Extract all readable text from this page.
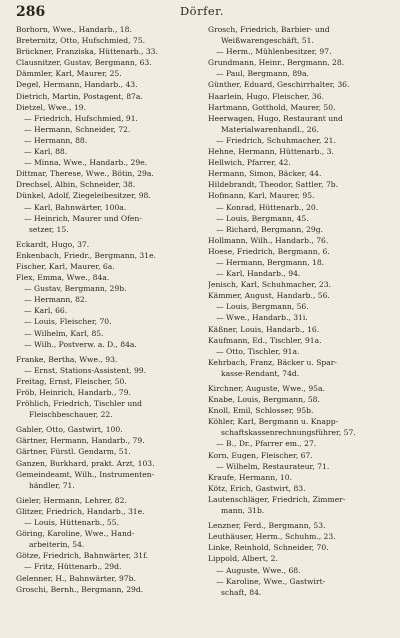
286	Dörfer.
Borhorn, Wwe., Handarb., 18.
Breternitz, Otto, Hufschmied, 75.
Brückner, Franziska, Hüttenarb., 33.
Clausnitzer, Gustav, Bergmann, 63.
Dämmler, Karl, Maurer, 25.
Degel, Hermann, Handarb., 43.
Dietrich, Martin, Postagent, 87a.
Dietzel, Wwe., 19.
— Friedrich, Hufschmied, 91.
— Hermann, Schneider, 72.
— Hermann, 88.
— Karl, 88.
— Minna, Wwe., Handarb., 29e.
Dittmar, Therese, Wwe., Bötin, 29a.
Drechsel, Albin, Schneider, 38.
Dünkel, Adolf, Ziegeleibesitzer, 98.
— Karl, Bahnwärter, 100a.
— Heinrich, Maurer und Ofen-
setzer, 15.
Eckardt, Hugo, 37.
Enkenbach, Friedr., Bergmann, 31e.
Fischer, Karl, Maurer, 6a.
Flex, Emma, Wwe., 84a.
— Gustav, Bergmann, 29b.
— Hermann, 82.
— Karl, 66.
— Louis, Fleischer, 70.
— Wilhelm, Karl, 85.
— Wilh., Postverw. a. D., 84a.
Franke, Bertha, Wwe., 93.
— Ernst, Stations-Assistent, 99.
Freitag, Ernst, Fleischer, 50.
Fröb, Heinrich, Handarb., 79.
Fröhlich, Friedrich, Tischler und
Fleischbeschauer, 22.
Gabler, Otto, Gastwirt, 100.
Gärtner, Hermann, Handarb., 79.
Gärtner, Fürstl. Gendarm, 51.
Ganzen, Burkhard, prakt. Arzt, 103.
Gemeindeamt, Wilh., Instrumenten-
händler, 71.
Gieler, Hermann, Lehrer, 82.
Glitzer, Friedrich, Handarb., 31e.
— Louis, Hüttenarb., 55.
Göring, Karoline, Wwe., Hand-
arbeiterin, 54.
Götze, Friedrich, Bahnwärter, 31f.
— Fritz, Hüttenarb., 29d.
Gelenner, H., Bahnwärter, 97b.
Groschi, Bernh., Bergmann, 29d.
Grosch, Friedrich, Barbier- und
Weißwarengeschäft, 51.
— Herm., Mühlenbesitzer, 97.
Grundmann, Heinr., Bergmann, 28.
— Paul, Bergmann, 89a.
Günther, Eduard, Geschirrhalter, 36.
Haarlein, Hugo, Fleischer, 36.
Hartmann, Gotthold, Maurer, 50.
Heerwagen, Hugo, Restaurant und
Materialwarenhandl., 26.
— Friedrich, Schuhmacher, 21.
Hehne, Hermann, Hüttenarb., 3.
Hellwich, Pfarrer, 42.
Hermann, Simon, Bäcker, 44.
Hildebrandt, Theodor, Sattler, 7b.
Hofmann, Karl, Maurer, 95.
— Konrad, Hüttenarb., 20.
— Louis, Bergmann, 45.
— Richard, Bergmann, 29g.
Hollmann, Wilh., Handarb., 76.
Hoese, Friedrich, Bergmann, 6.
— Hermann, Bergmann, 18.
— Karl, Handarb., 94.
Jenisch, Karl, Schuhmacher, 23.
Kämmer, August, Handarb., 56.
— Louis, Bergmann, 56.
— Wwe., Handarb., 31i.
Käßner, Louis, Handarb., 16.
Kaufmann, Ed., Tischler, 91a.
— Otto, Tischler, 91a.
Kehrbach, Franz, Bäcker u. Spar-
kasse-Rendant, 74d.
Kirchner, Auguste, Wwe., 95a.
Knabe, Louis, Bergmann, 58.
Knoll, Emil, Schlosser, 95b.
Köhler, Karl, Bergmann u. Knapp-
schaftskassenrechnungsführer, 57.
— B., Dr., Pfarrer em., 27.
Korn, Eugen, Fleischer, 67.
— Wilhelm, Restaurateur, 71.
Kraufe, Hermann, 10.
Kötz, Erich, Gastwirt, 83.
Lautenschläger, Friedrich, Zimmer-
mann, 31b.
Lenzner, Ferd., Bergmann, 53.
Leuthäuser, Herm., Schuhm., 23.
Linke, Reinhold, Schneider, 70.
Lippold, Albert, 2.
— Auguste, Wwe., 68.
— Karoline, Wwe., Gastwirt-
schaft, 84.
